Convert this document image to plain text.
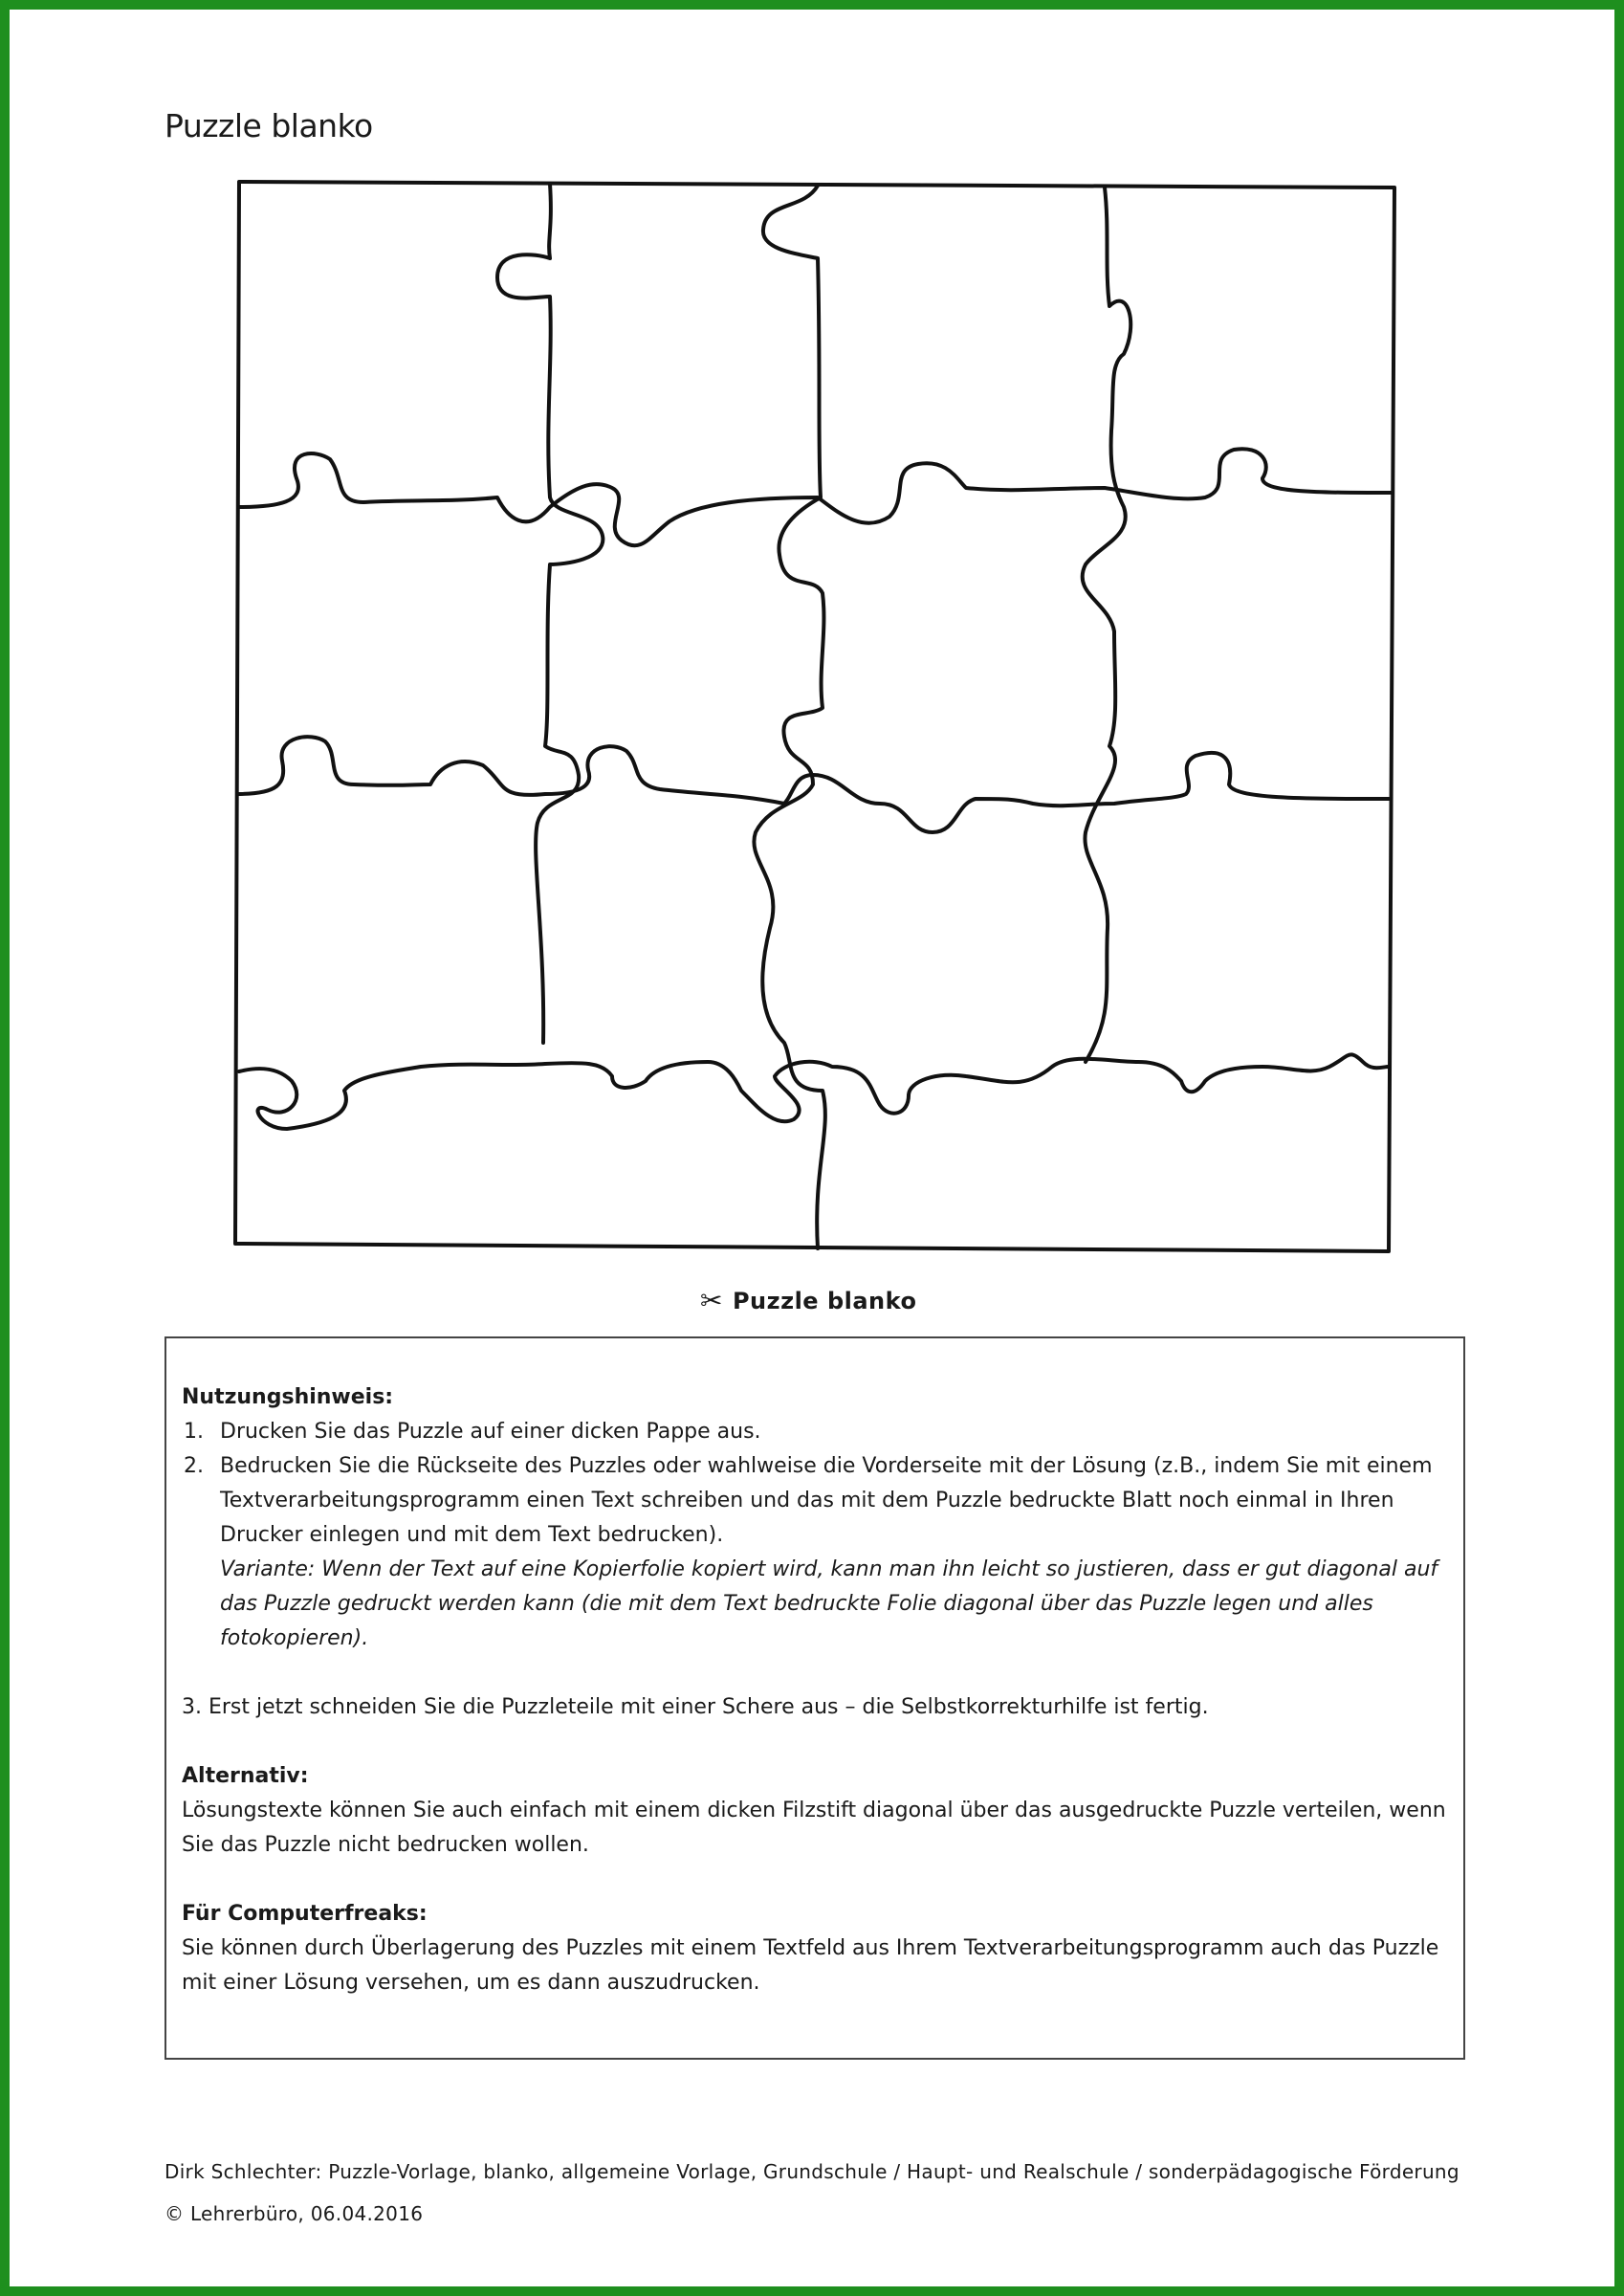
Puzzle blanko
✂ Puzzle blanko
Nutzungshinweis:
1. Drucken Sie das Puzzle auf einer dicken Pappe aus.
2. Bedrucken Sie die Rückseite des Puzzles oder wahlweise die Vorderseite mit der Lösung (z.B., indem Sie mit einem Textverarbeitungsprogramm einen Text schreiben und das mit dem Puzzle bedruckte Blatt noch einmal in Ihren Drucker einlegen und mit dem Text bedrucken).
Variante: Wenn der Text auf eine Kopierfolie kopiert wird, kann man ihn leicht so justieren, dass er gut diagonal auf das Puzzle gedruckt werden kann (die mit dem Text bedruckte Folie diagonal über das Puzzle legen und alles fotokopieren).

3. Erst jetzt schneiden Sie die Puzzleteile mit einer Schere aus – die Selbstkorrekturhilfe ist fertig.

Alternativ:

Lösungstexte können Sie auch einfach mit einem dicken Filzstift diagonal über das ausgedruckte Puzzle verteilen, wenn Sie das Puzzle nicht bedrucken wollen.

Für Computerfreaks:

Sie können durch Überlagerung des Puzzles mit einem Textfeld aus Ihrem Textverarbeitungsprogramm auch das Puzzle mit einer Lösung versehen, um es dann auszudrucken.

Dirk Schlechter: Puzzle-Vorlage, blanko, allgemeine Vorlage, Grundschule / Haupt- und Realschule / sonderpädagogische Förderung
© Lehrerbüro, 06.04.2016
